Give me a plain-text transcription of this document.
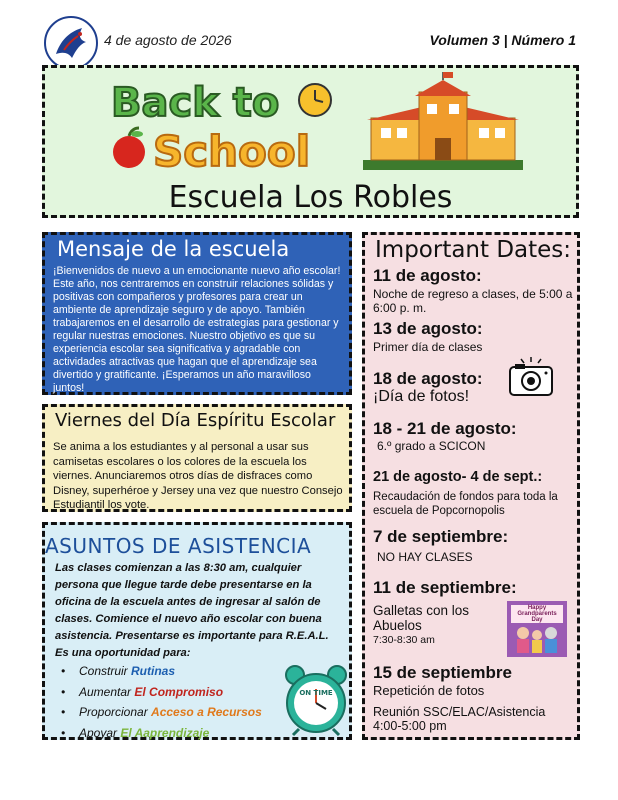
4 de agosto de 2026	Volumen 3 | Número 1
Back to
School
Escuela Los Robles
Mensaje de la escuela
¡Bienvenidos de nuevo a un emocionante nuevo año escolar! Este año, nos centraremos en construir relaciones sólidas y positivas con compañeros y profesores para crear un ambiente de aprendizaje seguro y de apoyo. También trabajaremos en el desarrollo de estrategias para gestionar y regular nuestras emociones. Nuestro objetivo es que su experiencia escolar sea significativa y agradable con actividades atractivas que hagan que el aprendizaje sea divertido y gratificante. ¡Esperamos un año maravilloso juntos!
Viernes del Día Espíritu Escolar
Se anima a los estudiantes y al personal a usar sus camisetas escolares o los colores de la escuela los viernes. Anunciaremos otros días de disfraces como Disney, superhéroe y Jersey una vez que nuestro Consejo Estudiantil los vote.
ASUNTOS DE ASISTENCIA
Las clases comienzan a las 8:30 am, cualquier persona que llegue tarde debe presentarse en la oficina de la escuela antes de ingresar al salón de clases. Comience el nuevo año escolar con buena asistencia. Presentarse es importante para R.E.A.L. Es una oportunidad para:
• Construir Rutinas
• Aumentar El Compromiso
• Proporcionar Acceso a Recursos
• Apoyar El Aaprendizaje
ON TIME
Important Dates:
11 de agosto:
Noche de regreso a clases, de 5:00 a 6:00 p. m.
13 de agosto:
Primer día de clases
18 de agosto:
¡Día de fotos!
18 - 21 de agosto:
6.º grado a SCICON
21 de agosto- 4 de sept.:
Recaudación de fondos para toda la escuela de Popcornopolis
7 de septiembre:
NO HAY CLASES
11 de septiembre:
Galletas con los Abuelos
7:30-8:30 am
Happy Grandparents Day
15 de septiembre
Repetición de fotos
Reunión SSC/ELAC/Asistencia 4:00-5:00 pm
